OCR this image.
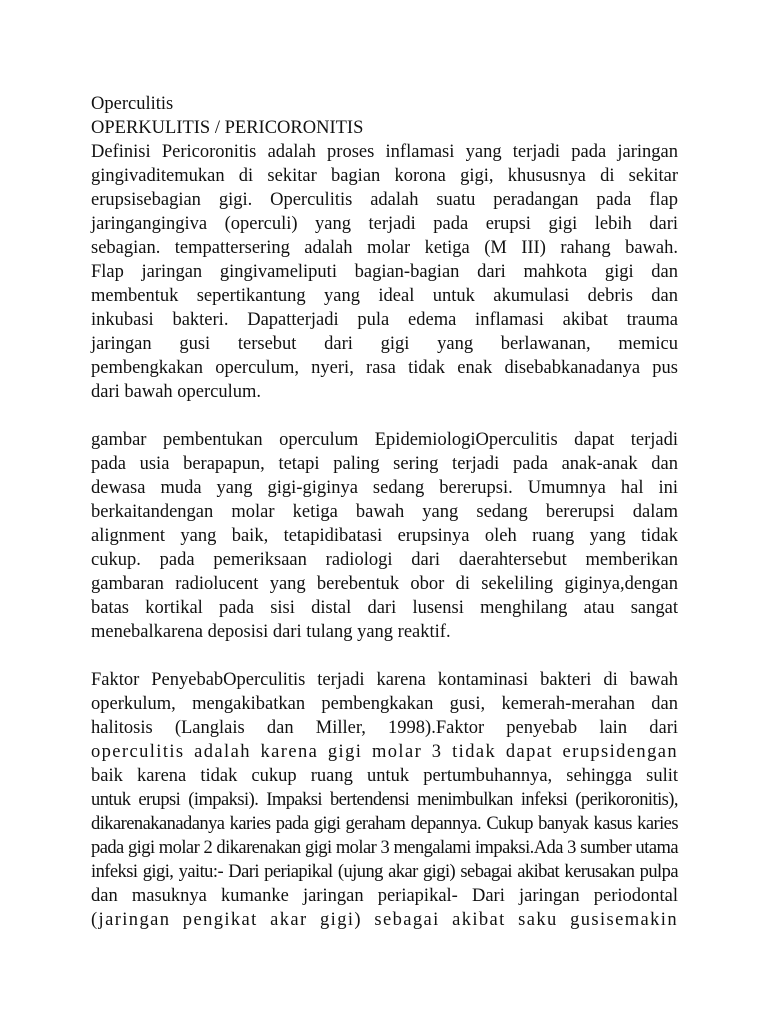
Operculitis

OPERKULITIS / PERICORONITIS

Definisi Pericoronitis adalah proses inflamasi yang terjadi pada jaringan

gingivaditemukan di sekitar bagian korona gigi, khususnya di sekitar

erupsisebagian gigi. Operculitis adalah suatu peradangan pada flap

jaringangingiva (operculi) yang terjadi pada erupsi gigi lebih dari

sebagian. tempattersering adalah molar ketiga (M III) rahang bawah.

Flap jaringan gingivameliputi bagian-bagian dari mahkota gigi dan

membentuk sepertikantung yang ideal untuk akumulasi debris dan

inkubasi bakteri. Dapatterjadi pula edema inflamasi akibat trauma

jaringan gusi tersebut dari gigi yang berlawanan, memicu

pembengkakan operculum, nyeri, rasa tidak enak disebabkanadanya pus

dari bawah operculum.

gambar pembentukan operculum EpidemiologiOperculitis dapat terjadi

pada usia berapapun, tetapi paling sering terjadi pada anak-anak dan

dewasa muda yang gigi-giginya sedang bererupsi. Umumnya hal ini

berkaitandengan molar ketiga bawah yang sedang bererupsi dalam

alignment yang baik, tetapidibatasi erupsinya oleh ruang yang tidak

cukup. pada pemeriksaan radiologi dari daerahtersebut memberikan

gambaran radiolucent yang berebentuk obor di sekeliling giginya,dengan

batas kortikal pada sisi distal dari lusensi menghilang atau sangat

menebalkarena deposisi dari tulang yang reaktif.

Faktor PenyebabOperculitis terjadi karena kontaminasi bakteri di bawah

operkulum, mengakibatkan pembengkakan gusi, kemerah-merahan dan

halitosis (Langlais dan Miller, 1998).Faktor penyebab lain dari

operculitis adalah karena gigi molar 3 tidak dapat erupsidengan

baik karena tidak cukup ruang untuk pertumbuhannya, sehingga sulit

untuk erupsi (impaksi). Impaksi bertendensi menimbulkan infeksi (perikoronitis),

dikarenakanadanya karies pada gigi geraham depannya. Cukup banyak kasus karies

pada gigi molar 2 dikarenakan gigi molar 3 mengalami impaksi.Ada 3 sumber utama

infeksi gigi, yaitu:- Dari periapikal (ujung akar gigi) sebagai akibat kerusakan pulpa

dan masuknya kumanke jaringan periapikal- Dari jaringan periodontal

(jaringan pengikat akar gigi) sebagai akibat saku gusisemakin
